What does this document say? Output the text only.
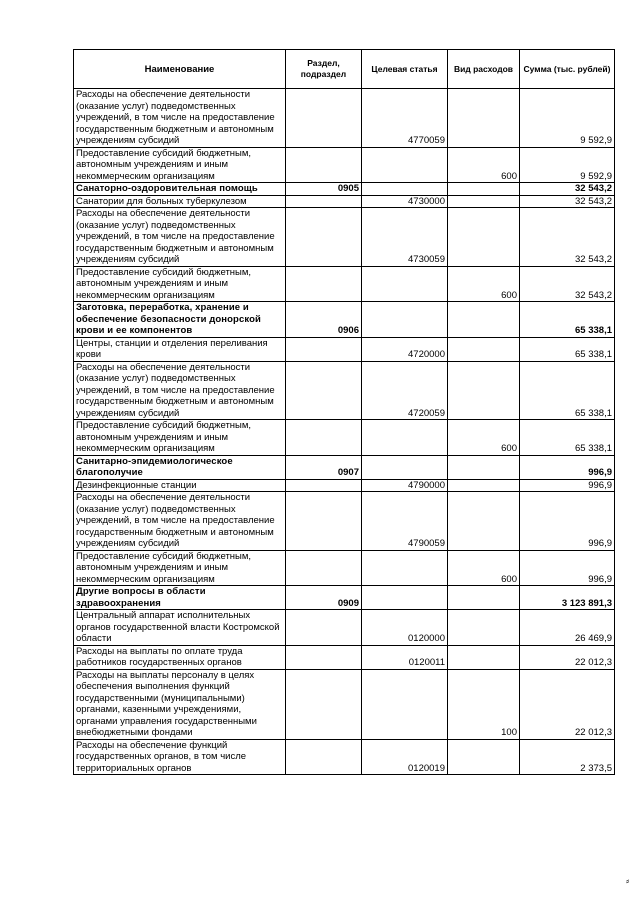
Наименование	Раздел, подраздел	Целевая статья	Вид расходов	Сумма (тыс. рублей)
Расходы на обеспечение деятельности (оказание услуг) подведомственных учреждений, в том числе на предоставление государственным бюджетным и автономным учреждениям субсидий		4770059		9 592,9
Предоставление субсидий бюджетным, автономным учреждениям и иным некоммерческим организациям			600	9 592,9
Санаторно-оздоровительная помощь	0905			32 543,2
Санатории для больных туберкулезом		4730000		32 543,2
Расходы на обеспечение деятельности (оказание услуг) подведомственных учреждений, в том числе на предоставление государственным бюджетным и автономным учреждениям субсидий		4730059		32 543,2
Предоставление субсидий бюджетным, автономным учреждениям и иным некоммерческим организациям			600	32 543,2
Заготовка, переработка, хранение и обеспечение безопасности донорской крови и ее компонентов	0906			65 338,1
Центры, станции и отделения переливания крови		4720000		65 338,1
Расходы на обеспечение деятельности (оказание услуг) подведомственных учреждений, в том числе на предоставление государственным бюджетным и автономным учреждениям субсидий		4720059		65 338,1
Предоставление субсидий бюджетным, автономным учреждениям и иным некоммерческим организациям			600	65 338,1
Санитарно-эпидемиологическое благополучие	0907			996,9
Дезинфекционные станции		4790000		996,9
Расходы на обеспечение деятельности (оказание услуг) подведомственных учреждений, в том числе на предоставление государственным бюджетным и автономным учреждениям субсидий		4790059		996,9
Предоставление субсидий бюджетным, автономным учреждениям и иным некоммерческим организациям			600	996,9
Другие вопросы в области здравоохранения	0909			3 123 891,3
Центральный аппарат исполнительных органов государственной власти Костромской области		0120000		26 469,9
Расходы на выплаты по оплате труда работников государственных органов		0120011		22 012,3
Расходы на выплаты персоналу в целях обеспечения выполнения функций государственными (муниципальными) органами, казенными учреждениями, органами управления государственными внебюджетными фондами			100	22 012,3
Расходы на обеспечение функций государственных органов, в том числе территориальных органов		0120019		2 373,5
⸗
